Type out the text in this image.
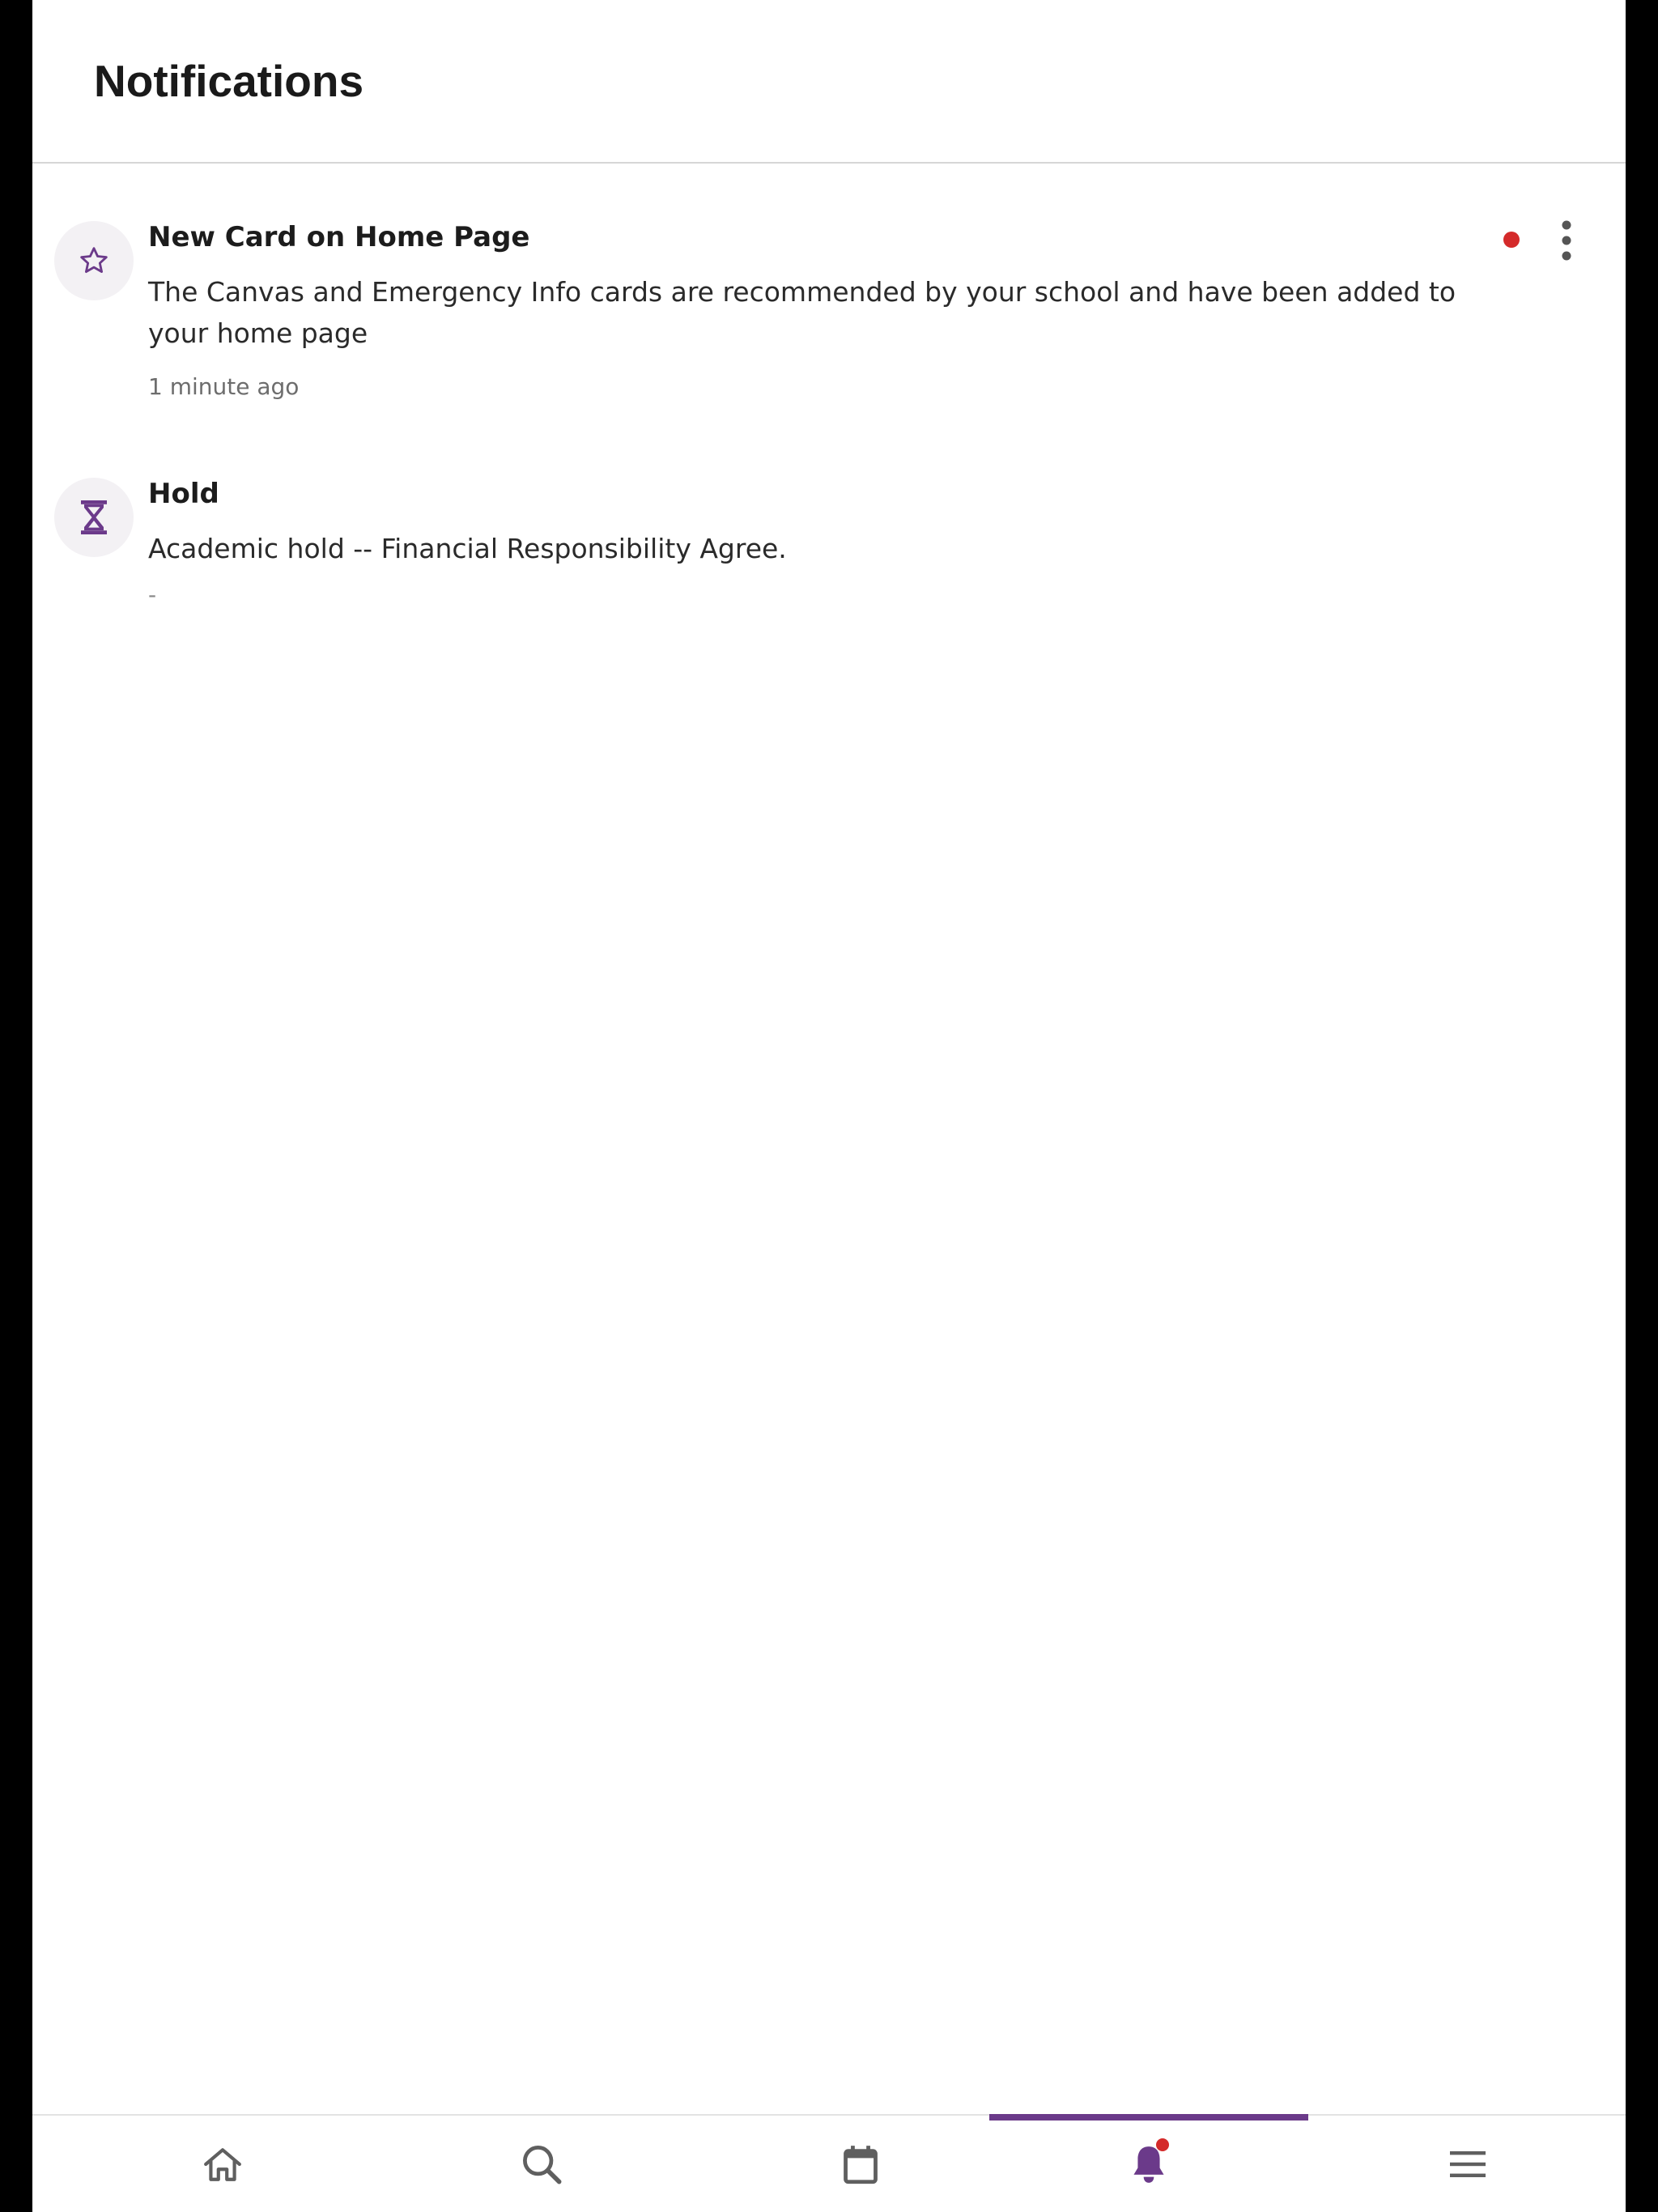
Notifications
New Card on Home Page
The Canvas and Emergency Info cards are recommended by your school and have been added to your home page
1 minute ago
Hold
Academic hold -- Financial Responsibility Agree.
-
